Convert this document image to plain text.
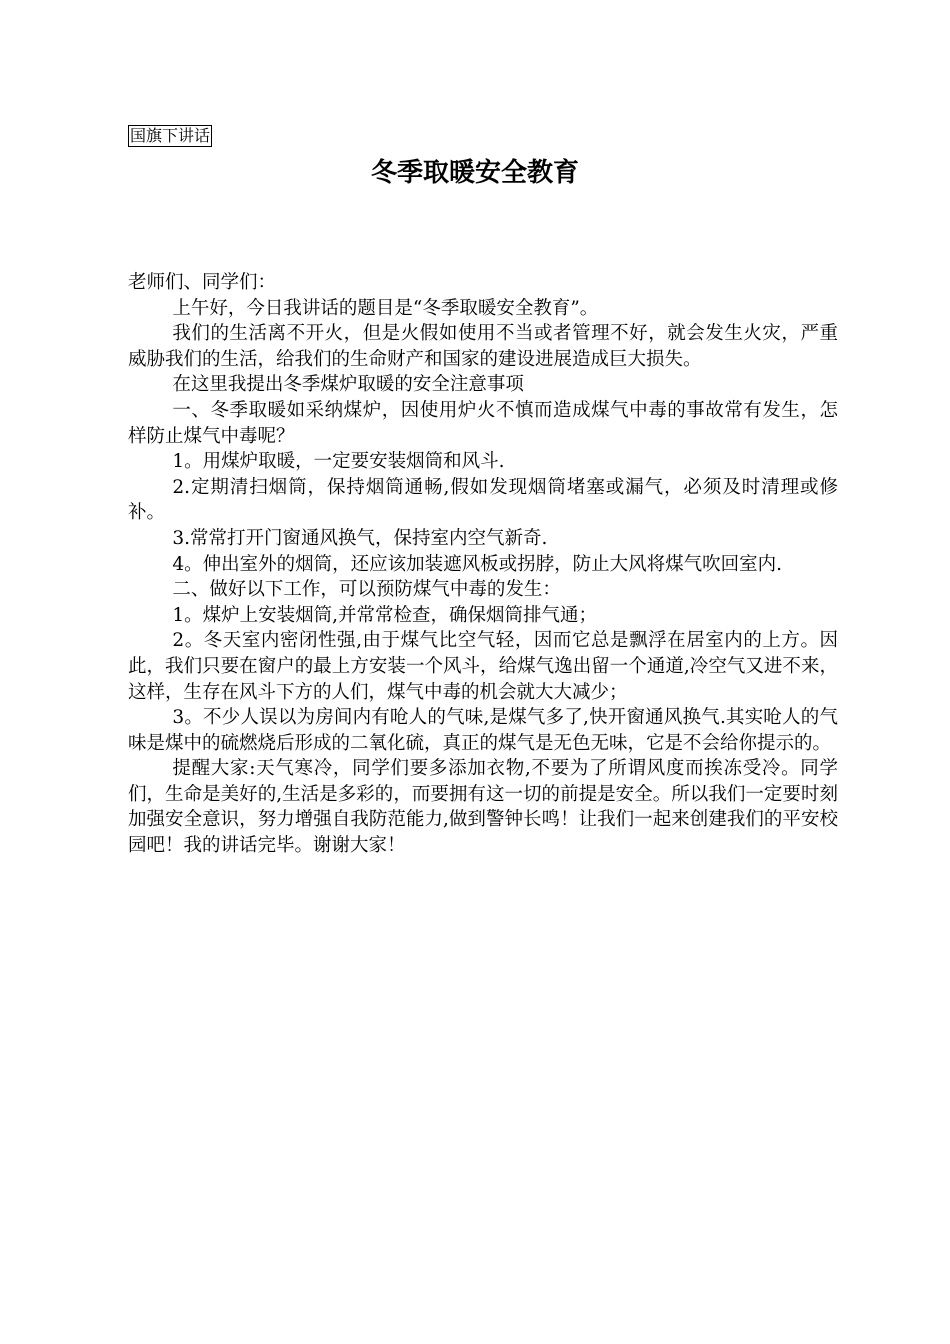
国旗下讲话
冬季取暖安全教育

老师们、同学们：

上午好，今日我讲话的题目是“冬季取暖安全教育”。

我们的生活离不开火，但是火假如使用不当或者管理不好，就会发生火灾，严重威胁我们的生活，给我们的生命财产和国家的建设进展造成巨大损失。

在这里我提出冬季煤炉取暖的安全注意事项

一、冬季取暖如采纳煤炉，因使用炉火不慎而造成煤气中毒的事故常有发生，怎样防止煤气中毒呢？

1。用煤炉取暖，一定要安装烟筒和风斗.

2.定期清扫烟筒，保持烟筒通畅,假如发现烟筒堵塞或漏气，必须及时清理或修补。

3.常常打开门窗通风换气，保持室内空气新奇.

4。伸出室外的烟筒，还应该加装遮风板或拐脖，防止大风将煤气吹回室内.

二、做好以下工作，可以预防煤气中毒的发生：

1。煤炉上安装烟筒,并常常检查，确保烟筒排气通；

2。冬天室内密闭性强,由于煤气比空气轻，因而它总是飘浮在居室内的上方。因此，我们只要在窗户的最上方安装一个风斗，给煤气逸出留一个通道,冷空气又进不来，这样，生存在风斗下方的人们，煤气中毒的机会就大大减少；

3。不少人误以为房间内有呛人的气味,是煤气多了,快开窗通风换气.其实呛人的气味是煤中的硫燃烧后形成的二氧化硫，真正的煤气是无色无味，它是不会给你提示的。

提醒大家:天气寒冷，同学们要多添加衣物,不要为了所谓风度而挨冻受冷。同学们，生命是美好的,生活是多彩的，而要拥有这一切的前提是安全。所以我们一定要时刻加强安全意识，努力增强自我防范能力,做到警钟长鸣！让我们一起来创建我们的平安校园吧！我的讲话完毕。谢谢大家！
